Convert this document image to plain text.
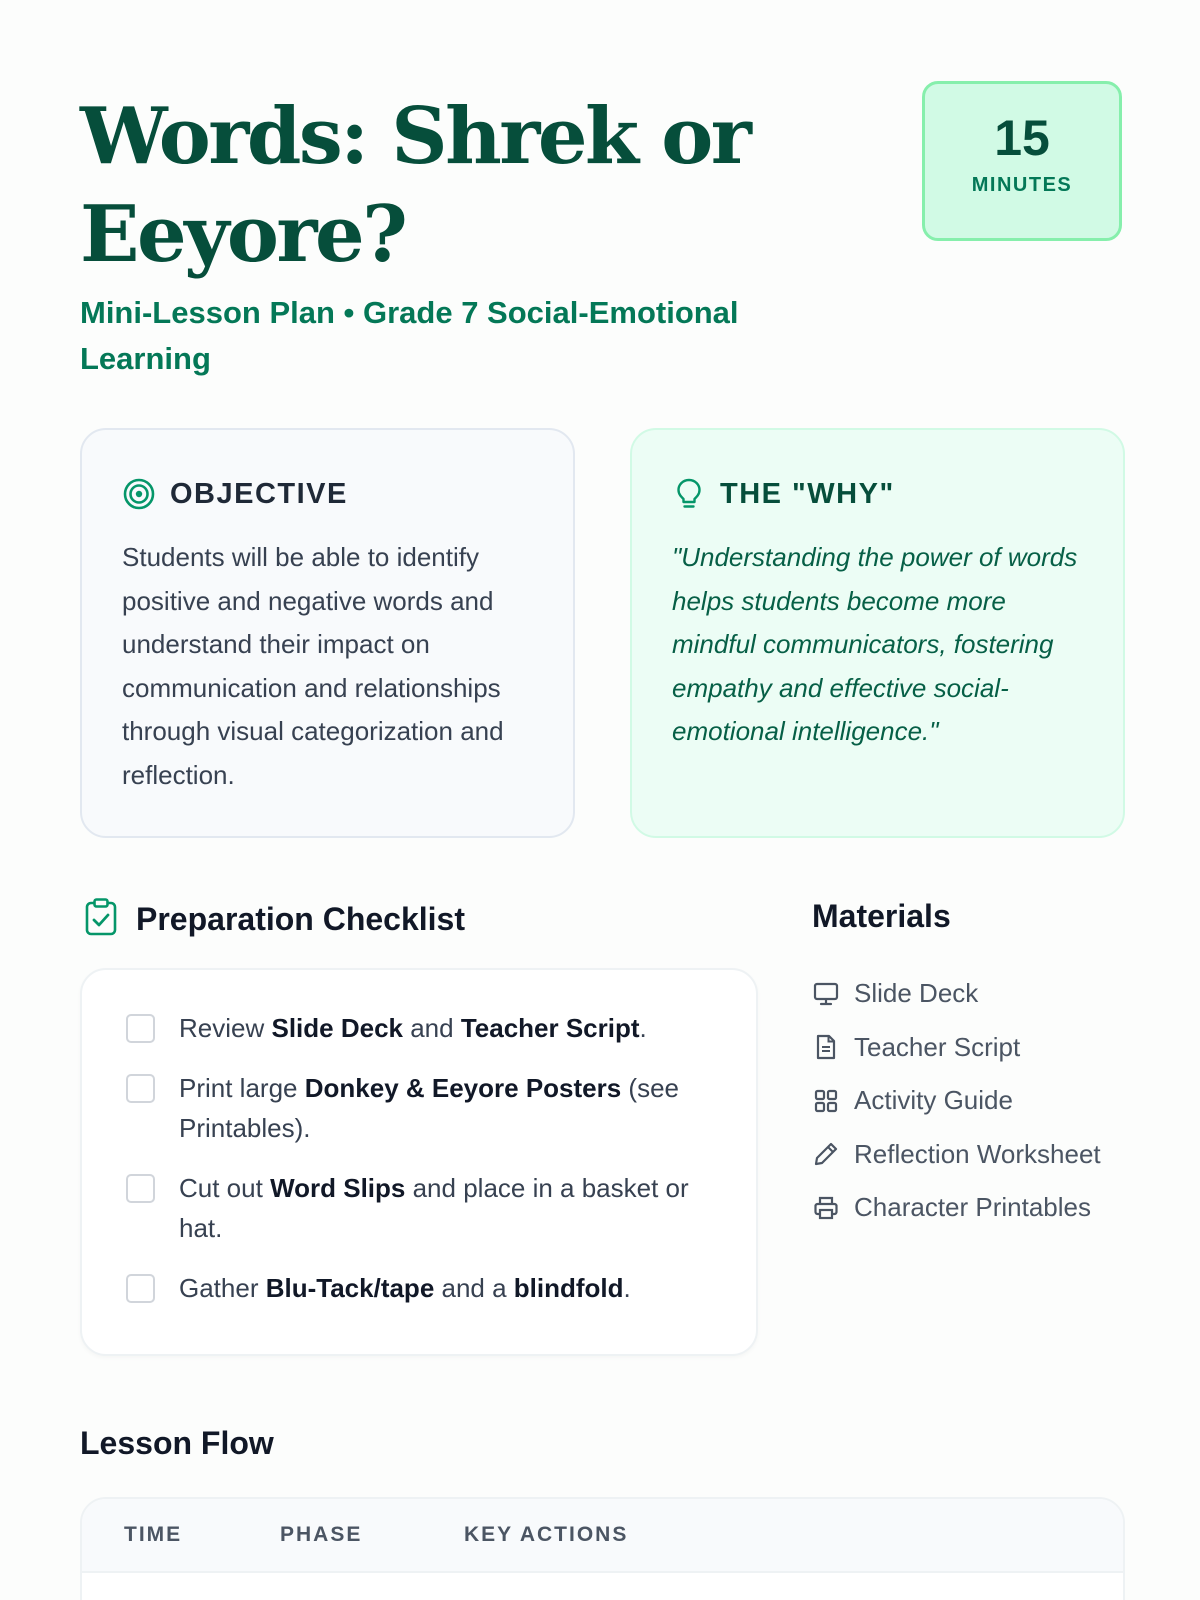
Words: Shrek or Eeyore?
Mini-Lesson Plan • Grade 7 Social-Emotional Learning
15
MINUTES
OBJECTIVE

Students will be able to identify positive and negative words and understand their impact on communication and relationships through visual categorization and reflection.

THE "WHY"

"Understanding the power of words helps students become more mindful communicators, fostering empathy and effective social-emotional intelligence."

Preparation Checklist
Review Slide Deck and Teacher Script.
Print large Donkey & Eeyore Posters (see Printables).
Cut out Word Slips and place in a basket or hat.
Gather Blu-Tack/tape and a blindfold.
Materials
Slide Deck
Teacher Script
Activity Guide
Reflection Worksheet
Character Printables
Lesson Flow
TIME	PHASE	KEY ACTIONS
